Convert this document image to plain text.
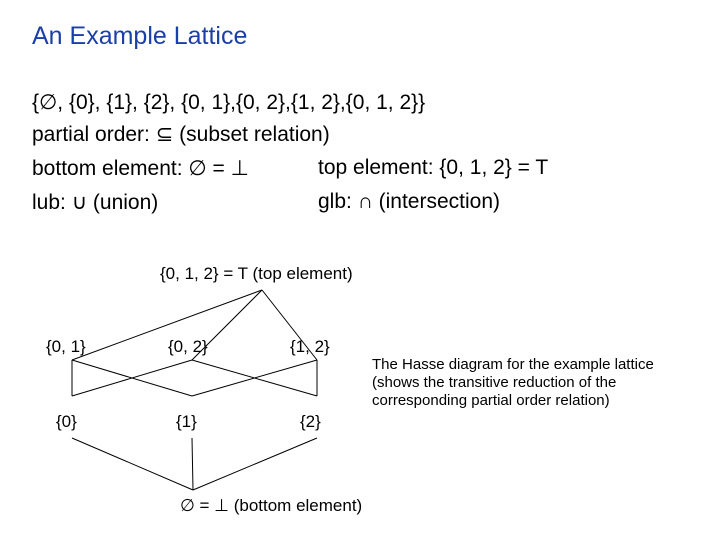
An Example Lattice
{∅, {0}, {1}, {2}, {0, 1},{0, 2},{1, 2},{0, 1, 2}}
partial order: ⊆ (subset relation)
bottom element: ∅ = ⊥	top element: {0, 1, 2} = T
lub: ∪ (union)	glb: ∩ (intersection)
{0, 1, 2} = T (top element)
{0, 1}	{0, 2}	{1, 2}
{0}	{1}	{2}
∅ = ⊥ (bottom element)
The Hasse diagram for the example lattice (shows the transitive reduction of the corresponding partial order relation)
